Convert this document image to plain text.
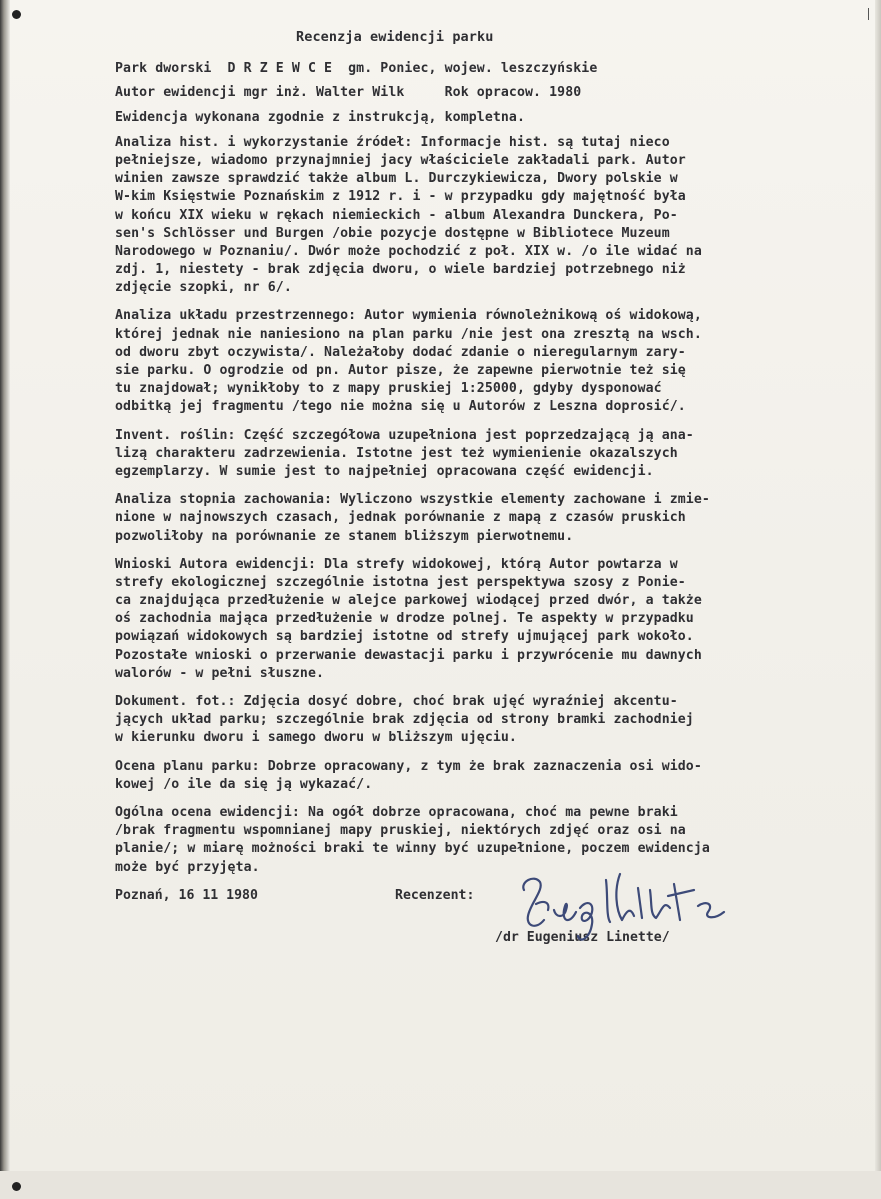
Recenzja ewidencji parku
Park dworski  D R Z E W C E  gm. Poniec, wojew. leszczyńskie
Autor ewidencji mgr inż. Walter Wilk     Rok opracow. 1980
Ewidencja wykonana zgodnie z instrukcją, kompletna.
Analiza hist. i wykorzystanie źródeł: Informacje hist. są tutaj nieco
pełniejsze, wiadomo przynajmniej jacy właściciele zakładali park. Autor
winien zawsze sprawdzić także album L. Durczykiewicza, Dwory polskie w
W-kim Księstwie Poznańskim z 1912 r. i - w przypadku gdy majętność była
w końcu XIX wieku w rękach niemieckich - album Alexandra Dunckera, Po-
sen's Schlösser und Burgen /obie pozycje dostępne w Bibliotece Muzeum
Narodowego w Poznaniu/. Dwór może pochodzić z poł. XIX w. /o ile widać na
zdj. 1, niestety - brak zdjęcia dworu, o wiele bardziej potrzebnego niż
zdjęcie szopki, nr 6/.
Analiza układu przestrzennego: Autor wymienia równoleżnikową oś widokową,
której jednak nie naniesiono na plan parku /nie jest ona zresztą na wsch.
od dworu zbyt oczywista/. Należałoby dodać zdanie o nieregularnym zary-
sie parku. O ogrodzie od pn. Autor pisze, że zapewne pierwotnie też się
tu znajdował; wynikłoby to z mapy pruskiej 1:25000, gdyby dysponować
odbitką jej fragmentu /tego nie można się u Autorów z Leszna doprosić/.
Invent. roślin: Część szczegółowa uzupełniona jest poprzedzającą ją ana-
lizą charakteru zadrzewienia. Istotne jest też wymienienie okazalszych
egzemplarzy. W sumie jest to najpełniej opracowana część ewidencji.
Analiza stopnia zachowania: Wyliczono wszystkie elementy zachowane i zmie-
nione w najnowszych czasach, jednak porównanie z mapą z czasów pruskich
pozwoliłoby na porównanie ze stanem bliższym pierwotnemu.
Wnioski Autora ewidencji: Dla strefy widokowej, którą Autor powtarza w
strefy ekologicznej szczególnie istotna jest perspektywa szosy z Ponie-
ca znajdująca przedłużenie w alejce parkowej wiodącej przed dwór, a także
oś zachodnia mająca przedłużenie w drodze polnej. Te aspekty w przypadku
powiązań widokowych są bardziej istotne od strefy ujmującej park wokoło.
Pozostałe wnioski o przerwanie dewastacji parku i przywrócenie mu dawnych
walorów - w pełni słuszne.
Dokument. fot.: Zdjęcia dosyć dobre, choć brak ujęć wyraźniej akcentu-
jących układ parku; szczególnie brak zdjęcia od strony bramki zachodniej
w kierunku dworu i samego dworu w bliższym ujęciu.
Ocena planu parku: Dobrze opracowany, z tym że brak zaznaczenia osi wido-
kowej /o ile da się ją wykazać/.
Ogólna ocena ewidencji: Na ogół dobrze opracowana, choć ma pewne braki
/brak fragmentu wspomnianej mapy pruskiej, niektórych zdjęć oraz osi na
planie/; w miarę możności braki te winny być uzupełnione, poczem ewidencja
może być przyjęta.
Poznań, 16 11 1980	Recenzent:
/dr Eugeniusz Linette/
